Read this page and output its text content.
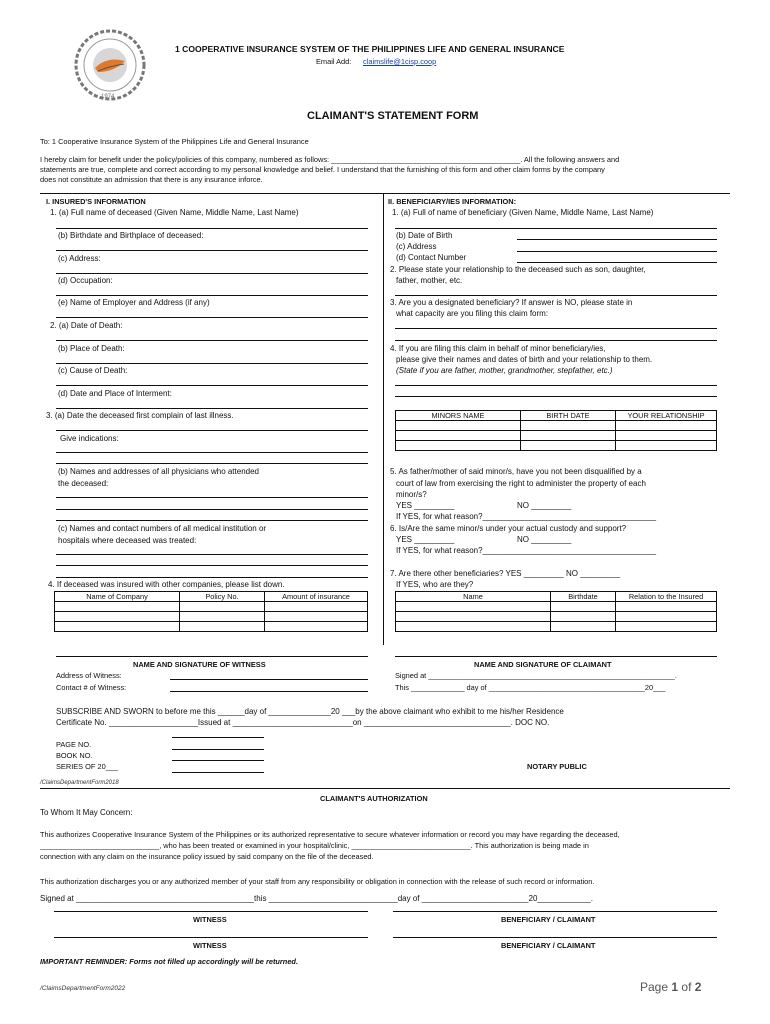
1974
1 COOPERATIVE INSURANCE SYSTEM OF THE PHILIPPINES LIFE AND GENERAL INSURANCE
Email Add: claimslife@1cisp.coop
CLAIMANT'S STATEMENT FORM
To: 1 Cooperative Insurance System of the Philippines Life and General Insurance
I hereby claim for benefit under the policy/policies of this company, numbered as follows: ______________________________________________. All the following answers and
statements are true, complete and correct according to my personal knowledge and belief. I understand that the furnishing of this form and other claim forms by the company
does not constitute an admission that there is any insurance inforce.
I. INSURED'S INFORMATION
1. (a) Full name of deceased (Given Name, Middle Name, Last Name)
(b) Birthdate and Birthplace of deceased:
(c) Address:
(d) Occupation:
(e) Name of Employer and Address (if any)
2. (a) Date of Death:
(b) Place of Death:
(c) Cause of Death:
(d) Date and Place of Interment:
3. (a) Date the deceased first complain of last illness.
Give indications:
(b) Names and addresses of all physicians who attended
the deceased:
(c) Names and contact numbers of all medical institution or
hospitals where deceased was treated:
4. If deceased was insured with other companies, please list down.
Name of Company	Policy No.	Amount of insurance

II. BENEFICIARY/IES INFORMATION:
1. (a) Full of name of beneficiary (Given Name, Middle Name, Last Name)
(b) Date of Birth
(c) Address
(d) Contact Number
2. Please state your relationship to the deceased such as son, daughter,
father, mother, etc.
3. Are you a designated beneficiary? If answer is NO, please state in
what capacity are you filing this claim form:
4. If you are filing this claim in behalf of minor beneficiary/ies,
please give their names and dates of birth and your relationship to them.
(State if you are father, mother, grandmother, stepfather, etc.)
MINORS NAME	BIRTH DATE	YOUR RELATIONSHIP

5. As father/mother of said minor/s, have you not been disqualified by a
court of law from exercising the right to administer the property of each
minor/s?
YES _________	NO _________
If YES, for what reason?_______________________________________
6. Is/Are the same minor/s under your actual custody and support?
YES _________	NO _________
If YES, for what reason?_______________________________________
7. Are there other beneficiaries? YES _________ NO _________
If YES, who are they?
Name	Birthdate	Relation to the Insured

NAME AND SIGNATURE OF WITNESS
Address of Witness:
Contact # of Witness:
NAME AND SIGNATURE OF CLAIMANT
Signed at ____________________________________________________________.
This _____________ day of ______________________________________20___
SUBSCRIBE AND SWORN to before me this ______day of ______________20 ___by the above claimant who exhibit to me his/her Residence
Certificate No. ____________________Issued at ___________________________on _________________________________. DOC NO.
PAGE NO.
BOOK NO.
SERIES OF 20___	NOTARY PUBLIC
/ClaimsDepartmentForm2018
CLAIMANT'S AUTHORIZATION
To Whom It May Concern:
This authorizes Cooperative Insurance System of the Philippines or its authorized representative to secure whatever information or record you may have regarding the deceased,
_____________________________, who has been treated or examined in your hospital/clinic, _____________________________. This authorization is being made in
connection with any claim on the insurance policy issued by said company on the file of the deceased.
This authorization discharges you or any authorized member of your staff from any responsibility or obligation in connection with the release of such record or information.
Signed at ________________________________________this _____________________________day of ________________________20____________.
WITNESS	BENEFICIARY / CLAIMANT
WITNESS	BENEFICIARY / CLAIMANT
IMPORTANT REMINDER: Forms not filled up accordingly will be returned.
/ClaimsDepartmentForm2022	Page 1 of 2
